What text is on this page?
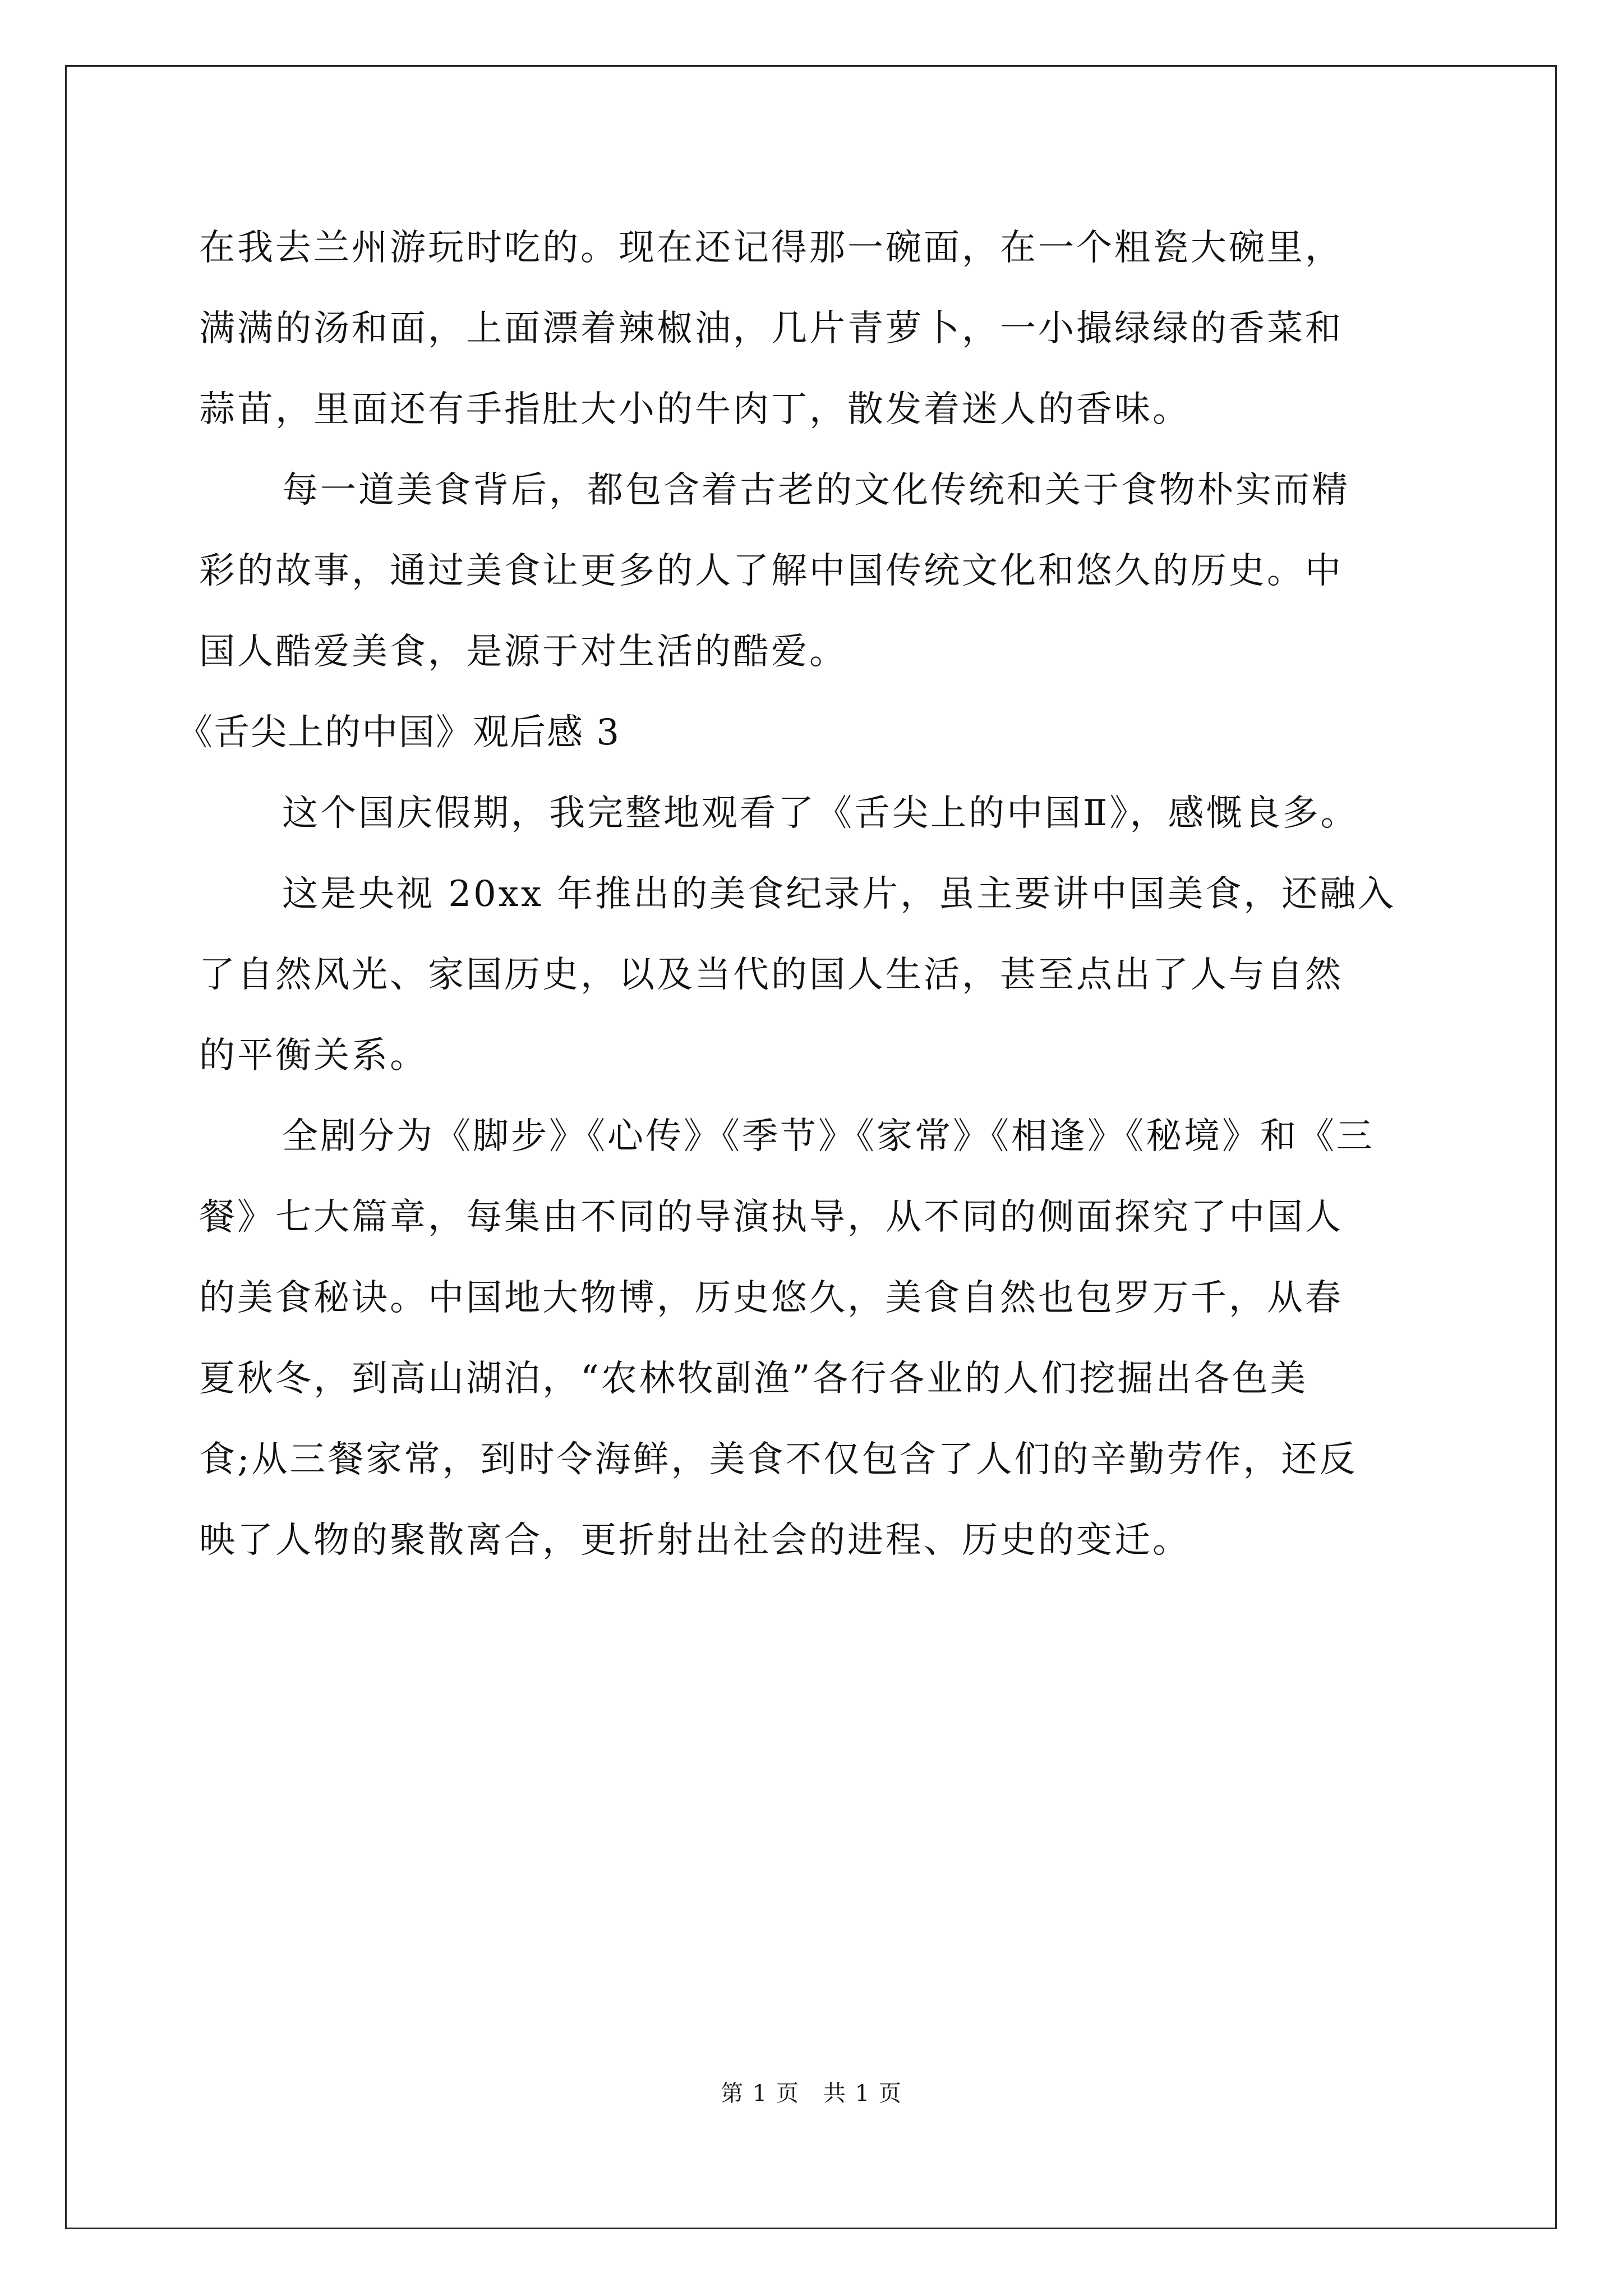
在我去兰州游玩时吃的。现在还记得那一碗面，在一个粗瓷大碗里，
满满的汤和面，上面漂着辣椒油，几片青萝卜，一小撮绿绿的香菜和
蒜苗，里面还有手指肚大小的牛肉丁，散发着迷人的香味。
每一道美食背后，都包含着古老的文化传统和关于食物朴实而精
彩的故事，通过美食让更多的人了解中国传统文化和悠久的历史。中
国人酷爱美食，是源于对生活的酷爱。
《舌尖上的中国》观后感 3
这个国庆假期，我完整地观看了《舌尖上的中国Ⅱ》，感慨良多。
这是央视 20xx 年推出的美食纪录片，虽主要讲中国美食，还融入
了自然风光、家国历史，以及当代的国人生活，甚至点出了人与自然
的平衡关系。
全剧分为《脚步》《心传》《季节》《家常》《相逢》《秘境》和《三
餐》七大篇章，每集由不同的导演执导，从不同的侧面探究了中国人
的美食秘诀。中国地大物博，历史悠久，美食自然也包罗万千，从春
夏秋冬，到高山湖泊，“农林牧副渔”各行各业的人们挖掘出各色美
食;从三餐家常，到时令海鲜，美食不仅包含了人们的辛勤劳作，还反
映了人物的聚散离合，更折射出社会的进程、历史的变迁。
第 1 页　共 1 页
